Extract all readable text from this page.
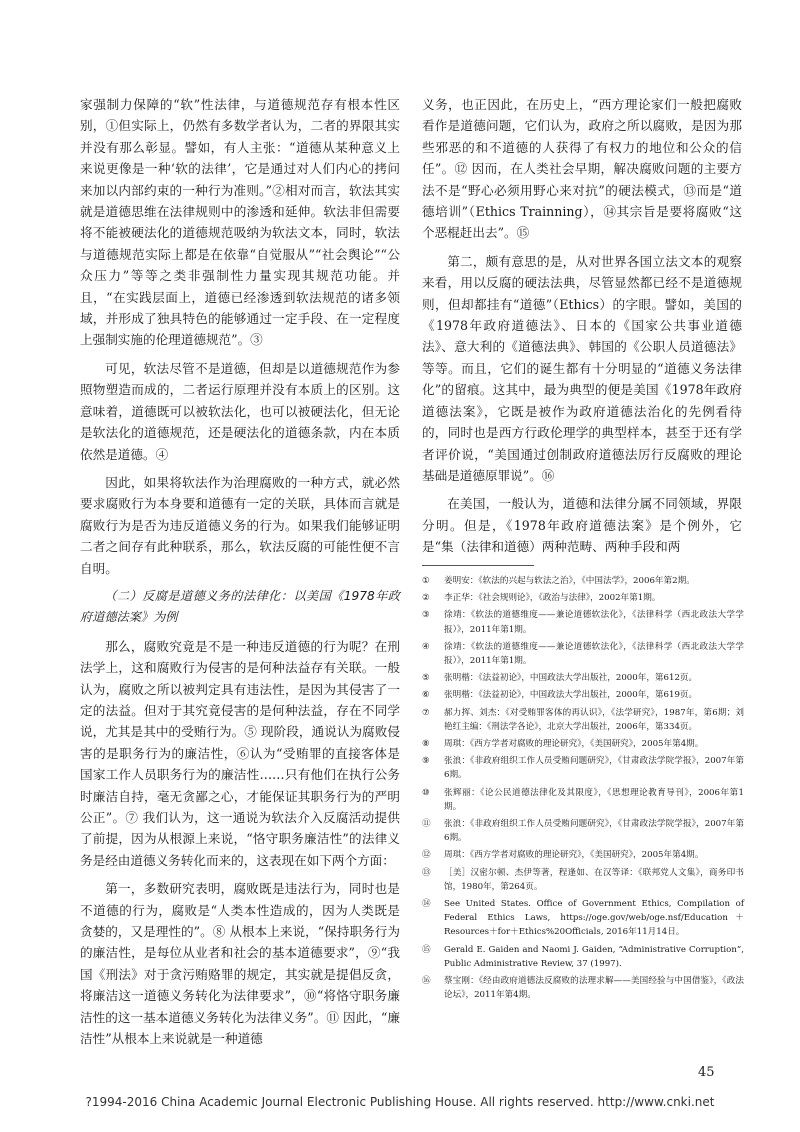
家强制力保障的“软”性法律，与道德规范存有根本性区别，①但实际上，仍然有多数学者认为，二者的界限其实并没有那么彰显。譬如，有人主张：“道德从某种意义上来说更像是一种‘软的法律’，它是通过对人们内心的拷问来加以内部约束的一种行为准则。”②相对而言，软法其实就是道德思维在法律规则中的渗透和延伸。软法非但需要将不能被硬法化的道德规范吸纳为软法文本，同时，软法与道德规范实际上都是在依靠“自觉服从”“社会舆论”“公众压力”等等之类非强制性力量实现其规范功能。并且，“在实践层面上，道德已经渗透到软法规范的诸多领域，并形成了独具特色的能够通过一定手段、在一定程度上强制实施的伦理道德规范”。③

可见，软法尽管不是道德，但却是以道德规范作为参照物塑造而成的，二者运行原理并没有本质上的区别。这意味着，道德既可以被软法化，也可以被硬法化，但无论是软法化的道德规范，还是硬法化的道德条款，内在本质依然是道德。④

因此，如果将软法作为治理腐败的一种方式，就必然要求腐败行为本身要和道德有一定的关联，具体而言就是腐败行为是否为违反道德义务的行为。如果我们能够证明二者之间存有此种联系，那么，软法反腐的可能性便不言自明。

（二）反腐是道德义务的法律化：以美国《1978年政府道德法案》为例

那么，腐败究竟是不是一种违反道德的行为呢？在刑法学上，这和腐败行为侵害的是何种法益存有关联。一般认为，腐败之所以被判定具有违法性，是因为其侵害了一定的法益。但对于其究竟侵害的是何种法益，存在不同学说，尤其是其中的受贿行为。⑤ 现阶段，通说认为腐败侵害的是职务行为的廉洁性，⑥认为“受贿罪的直接客体是国家工作人员职务行为的廉洁性……只有他们在执行公务时廉洁自持，毫无贪鄙之心，才能保证其职务行为的严明公正”。⑦ 我们认为，这一通说为软法介入反腐活动提供了前提，因为从根源上来说，“恪守职务廉洁性”的法律义务是经由道德义务转化而来的，这表现在如下两个方面：

第一，多数研究表明，腐败既是违法行为，同时也是不道德的行为，腐败是“人类本性造成的，因为人类既是贪婪的，又是理性的”。⑧ 从根本上来说，“保持职务行为的廉洁性，是每位从业者和社会的基本道德要求”，⑨“我国《刑法》对于贪污贿赂罪的规定，其实就是提倡反贪，将廉洁这一道德义务转化为法律要求”，⑩“将恪守职务廉洁性的这一基本道德义务转化为法律义务”。⑪ 因此，“廉洁性”从根本上来说就是一种道德

义务，也正因此，在历史上，“西方理论家们一般把腐败看作是道德问题，它们认为，政府之所以腐败，是因为那些邪恶的和不道德的人获得了有权力的地位和公众的信任”。⑫ 因而，在人类社会早期，解决腐败问题的主要方法不是“野心必须用野心来对抗”的硬法模式，⑬而是“道德培训”（Ethics Trainning），⑭其宗旨是要将腐败“这个恶棍赶出去”。⑮

第二，颇有意思的是，从对世界各国立法文本的观察来看，用以反腐的硬法法典，尽管显然都已经不是道德规则，但却都挂有“道德”（Ethics）的字眼。譬如，美国的《1978年政府道德法》、日本的《国家公共事业道德法》、意大利的《道德法典》、韩国的《公职人员道德法》等等。而且，它们的诞生都有十分明显的“道德义务法律化”的留痕。这其中，最为典型的便是美国《1978年政府道德法案》，它既是被作为政府道德法治化的先例看待的，同时也是西方行政伦理学的典型样本，甚至于还有学者评价说，“美国通过创制政府道德法厉行反腐败的理论基础是道德原罪说”。⑯

在美国，一般认为，道德和法律分属不同领域，界限分明。但是，《1978年政府道德法案》是个例外，它是“集（法律和道德）两种范畴、两种手段和两

①	姜明安：《软法的兴起与软法之治》，《中国法学》，2006年第2期。
②	李正华：《社会规则论》，《政治与法律》，2002年第1期。
③	徐靖：《软法的道德维度——兼论道德软法化》，《法律科学（西北政法大学学报）》，2011年第1期。
④	徐靖：《软法的道德维度——兼论道德软法化》，《法律科学（西北政法大学学报）》，2011年第1期。
⑤	张明楷：《法益初论》，中国政法大学出版社，2000年，第612页。
⑥	张明楷：《法益初论》，中国政法大学出版社，2000年，第619页。
⑦	郝力挥、刘杰：《对受贿罪客体的再认识》，《法学研究》，1987年，第6期；刘艳红主编：《刑法学各论》，北京大学出版社，2006年，第334页。
⑧	周琪：《西方学者对腐败的理论研究》，《美国研究》，2005年第4期。
⑨	张浪：《非政府组织工作人员受贿问题研究》，《甘肃政法学院学报》，2007年第6期。
⑩	张辉丽：《论公民道德法律化及其限度》，《思想理论教育导刊》，2006年第1期。
⑪	张浪：《非政府组织工作人员受贿问题研究》，《甘肃政法学院学报》，2007年第6期。
⑫	周琪：《西方学者对腐败的理论研究》，《美国研究》，2005年第4期。
⑬	［美］汉密尔顿、杰伊等著，程逢如、在汉等译：《联邦党人文集》，商务印书馆，1980年，第264页。
⑭	See United States. Office of Government Ethics, Compilation of Federal Ethics Laws, https://oge.gov/web/oge.nsf/Education＋Resources＋for＋Ethics%20Officials, 2016年11月14日。
⑮	Gerald E. Gaiden and Naomi J. Gaiden, “Administrative Corruption”, Public Administrative Review, 37 (1997).
⑯	蔡宝刚：《经由政府道德法反腐败的法理求解——美国经验与中国借鉴》，《政法论坛》，2011年第4期。
45
?1994-2016 China Academic Journal Electronic Publishing House. All rights reserved. http://www.cnki.net
